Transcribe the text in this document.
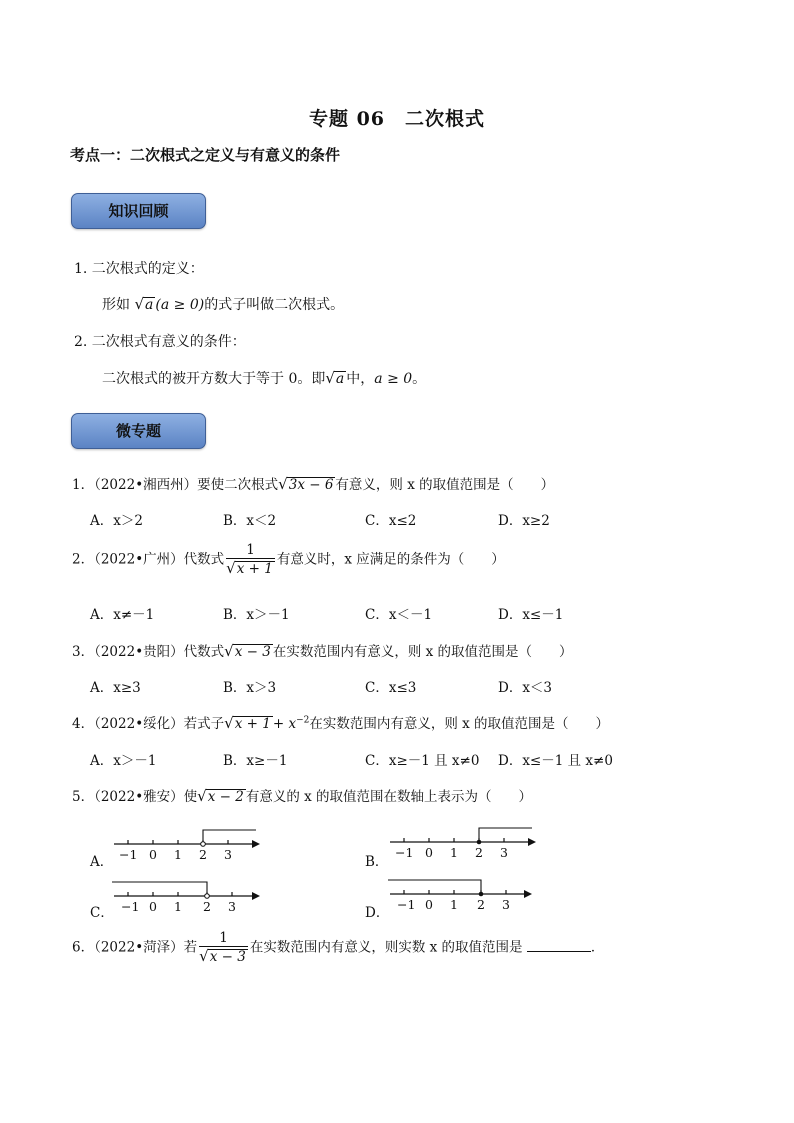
专题 06　二次根式
考点一：二次根式之定义与有意义的条件
知识回顾
1. 二次根式的定义：
形如 √a (a ≥ 0)的式子叫做二次根式。
2. 二次根式有意义的条件：
二次根式的被开方数大于等于 0。即√a 中，a ≥ 0。
微专题
1．（2022•湘西州）要使二次根式√3x − 6 有意义，则 x 的取值范围是（　　）
A．x＞2	B．x＜2	C．x≤2	D．x≥2
2．（2022•广州）代数式 $\frac{1}{√x + 1}$ 有意义时，x 应满足的条件为（　　）
A．x≠－1	B．x＞－1	C．x＜－1	D．x≤－1
3．（2022•贵阳）代数式√x − 3 在实数范围内有意义，则 x 的取值范围是（　　）
A．x≥3	B．x＞3	C．x≤3	D．x＜3
4．（2022•绥化）若式子$√x + 1 + x^{-2}$在实数范围内有意义，则 x 的取值范围是（　　）
A．x＞－1	B．x≥－1	C．x≥－1 且 x≠0 D．x≤－1 且 x≠0
5．（2022•雅安）使√x − 2 有意义的 x 的取值范围在数轴上表示为（　　）
A．	B．
C．	D．
−1 0 1 2 3	−1 0 1 2 3
−1 0 1 2 3	−1 0 1 2 3
6．（2022•菏泽）若 $\frac{1}{√x - 3}$ 在实数范围内有意义，则实数 x 的取值范围是	．
